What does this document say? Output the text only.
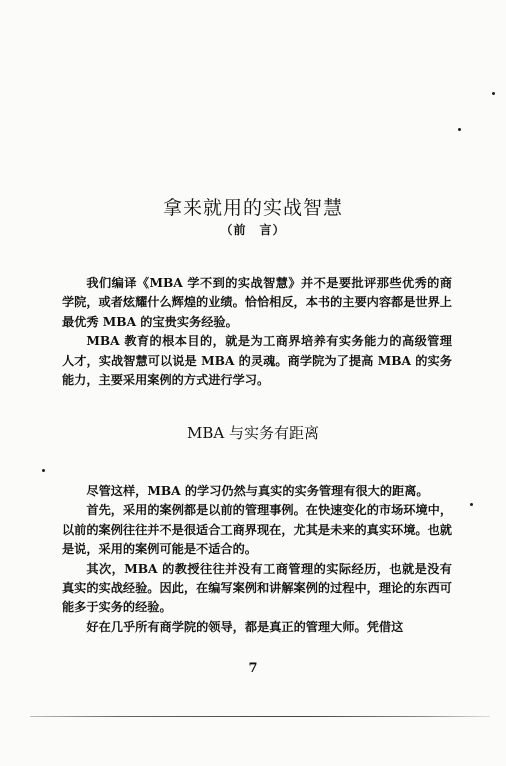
拿来就用的实战智慧
（前　言）

我们编译《MBA 学不到的实战智慧》并不是要批评那些优秀的商学院，或者炫耀什么辉煌的业绩。恰恰相反，本书的主要内容都是世界上最优秀 MBA 的宝贵实务经验。

MBA 教育的根本目的，就是为工商界培养有实务能力的高级管理人才，实战智慧可以说是 MBA 的灵魂。商学院为了提高 MBA 的实务能力，主要采用案例的方式进行学习。

MBA 与实务有距离

尽管这样，MBA 的学习仍然与真实的实务管理有很大的距离。

首先，采用的案例都是以前的管理事例。在快速变化的市场环境中，以前的案例往往并不是很适合工商界现在，尤其是未来的真实环境。也就是说，采用的案例可能是不适合的。

其次，MBA 的教授往往并没有工商管理的实际经历，也就是没有真实的实战经验。因此，在编写案例和讲解案例的过程中，理论的东西可能多于实务的经验。

好在几乎所有商学院的领导，都是真正的管理大师。凭借这

7
